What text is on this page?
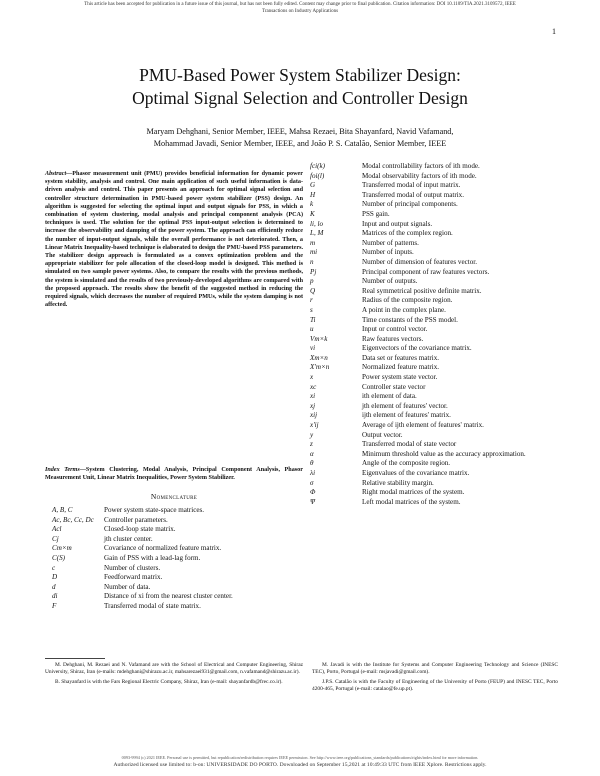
This article has been accepted for publication in a future issue of this journal, but has not been fully edited. Content may change prior to final publication. Citation information: DOI 10.1109/TIA.2021.3109572, IEEE
Transactions on Industry Applications
1
PMU-Based Power System Stabilizer Design:
Optimal Signal Selection and Controller Design
Maryam Dehghani, Senior Member, IEEE, Mahsa Rezaei, Bita Shayanfard, Navid Vafamand,
Mohammad Javadi, Senior Member, IEEE, and João P. S. Catalão, Senior Member, IEEE
Abstract—Phasor measurement unit (PMU) provides beneficial information for dynamic power system stability, analysis and control. One main application of such useful information is data-driven analysis and control. This paper presents an approach for optimal signal selection and controller structure determination in PMU-based power system stabilizer (PSS) design. An algorithm is suggested for selecting the optimal input and output signals for PSS, in which a combination of system clustering, modal analysis and principal component analysis (PCA) techniques is used. The solution for the optimal PSS input-output selection is determined to increase the observability and damping of the power system. The approach can efficiently reduce the number of input-output signals, while the overall performance is not deteriorated. Then, a Linear Matrix Inequality-based technique is elaborated to design the PMU-based PSS parameters. The stabilizer design approach is formulated as a convex optimization problem and the appropriate stabilizer for pole allocation of the closed-loop model is designed. This method is simulated on two sample power systems. Also, to compare the results with the previous methods, the system is simulated and the results of two previously-developed algorithms are compared with the proposed approach. The results show the benefit of the suggested method in reducing the required signals, which decreases the number of required PMUs, while the system damping is not affected.
Index Terms—System Clustering, Modal Analysis, Principal Component Analysis, Phasor Measurement Unit, Linear Matrix Inequalities, Power System Stabilizer.
Nomenclature
A, B, C	Power system state-space matrices.
Ac, Bc, Cc, Dc	Controller parameters.
Acl	Closed-loop state matrix.
Cj	jth cluster center.
Cm×m	Covariance of normalized feature matrix.
C(S)	Gain of PSS with a lead-lag form.
c	Number of clusters.
D	Feedforward matrix.
d	Number of data.
di	Distance of xi from the nearest cluster center.
F	Transferred modal of state matrix.
fci(k)	Modal controllability factors of ith mode.
foi(l)	Modal observability factors of ith mode.
G	Transferred modal of input matrix.
H	Transferred modal of output matrix.
k	Number of principal components.
K	PSS gain.
li, lo	Input and output signals.
L, M	Matrices of the complex region.
m	Number of patterns.
mi	Number of inputs.
n	Number of dimension of features vector.
Pj	Principal component of raw features vectors.
p	Number of outputs.
Q	Real symmetrical positive definite matrix.
r	Radius of the composite region.
s	A point in the complex plane.
Ti	Time constants of the PSS model.
u	Input or control vector.
Vm×k	Raw features vectors.
vi	Eigenvectors of the covariance matrix.
Xm×n	Data set or features matrix.
X'm×n	Normalized feature matrix.
x	Power system state vector.
xc	Controller state vector
xi	ith element of data.
xj	jth element of features' vector.
xij	ijth element of features' matrix.
x'ij	Average of ijth element of features' matrix.
y	Output vector.
z	Transferred modal of state vector
α	Minimum threshold value as the accuracy approximation.
θ	Angle of the composite region.
λi	Eigenvalues of the covariance matrix.
σ	Relative stability margin.
Φ	Right modal matrices of the system.
Ψ	Left modal matrices of the system.

M. Dehghani, M. Rezaei and N. Vafamand are with the School of Electrical and Computer Engineering, Shiraz University, Shiraz, Iran (e-mails: mdehghani@shirazu.ac.ir, mahsarezaei931@gmail.com, n.vafamand@shirazu.ac.ir).

B. Shayanfard is with the Fars Regional Electric Company, Shiraz, Iran (e-mail: shayanfardb@frec.co.ir).

M. Javadi is with the Institute for Systems and Computer Engineering Technology and Science (INESC TEC), Porto, Portugal (e-mail: msjavadi@gmail.com).

J.P.S. Catalão is with the Faculty of Engineering of the University of Porto (FEUP) and INESC TEC, Porto 4200-465, Portugal (e-mail: catalao@fe.up.pt).

0093-9994 (c) 2021 IEEE. Personal use is permitted, but republication/redistribution requires IEEE permission. See http://www.ieee.org/publications_standards/publications/rights/index.html for more information.
Authorized licensed use limited to: b-on: UNIVERSIDADE DO PORTO. Downloaded on September 15,2021 at 10:49:33 UTC from IEEE Xplore. Restrictions apply.
